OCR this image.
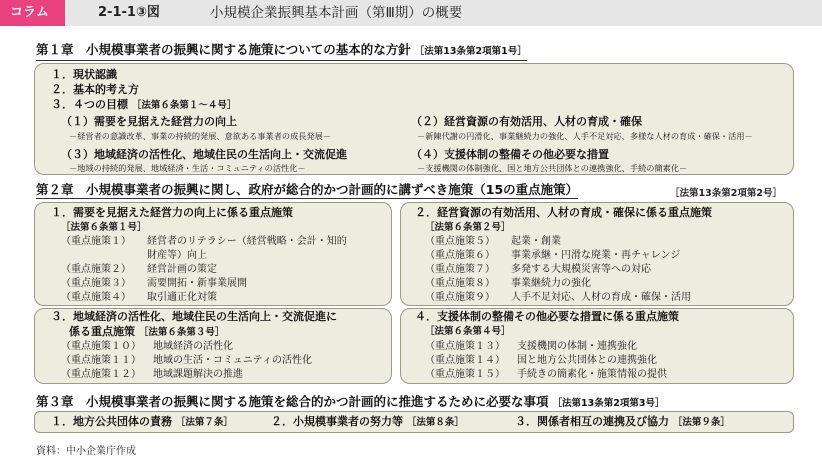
コラム	2-1-1③図	小規模企業振興基本計画（第Ⅲ期）の概要
第１章　小規模事業者の振興に関する施策についての基本的な方針 ［法第13条第2項第1号］
１．現状認識
２．基本的考え方
３．４つの目標 ［法第６条第１～４号］
（１）需要を見据えた経営力の向上
－経営者の意識改革、事業の持続的発展、意欲ある事業者の成長発展－
（２）経営資源の有効活用、人材の育成・確保
－新陳代謝の円滑化、事業継続力の強化、人手不足対応、多様な人材の育成・確保・活用－
（３）地域経済の活性化、地域住民の生活向上・交流促進
－地域の持続的発展、地域経済・生活・コミュニティの活性化－
（４）支援体制の整備その他必要な措置
－支援機関の体制強化、国と地方公共団体との連携強化、手続の簡素化－
第２章　小規模事業者の振興に関し、政府が総合的かつ計画的に講ずべき施策（15の重点施策）	［法第13条第2項第2号］
１．需要を見据えた経営力の向上に係る重点施策
［法第６条第１号］
（重点施策１） 経営者のリテラシー（経営戦略・会計・知的
財産等）向上
（重点施策２） 経営計画の策定
（重点施策３） 需要開拓・新事業展開
（重点施策４） 取引適正化対策
２．経営資源の有効活用、人材の育成・確保に係る重点施策
［法第６条第２号］
（重点施策５） 起業・創業
（重点施策６） 事業承継・円滑な廃業・再チャレンジ
（重点施策７） 多発する大規模災害等への対応
（重点施策８） 事業継続力の強化
（重点施策９） 人手不足対応、人材の育成・確保・活用
３．地域経済の活性化、地域住民の生活向上・交流促進に
係る重点施策 ［法第６条第３号］
（重点施策１０） 地域経済の活性化
（重点施策１１） 地域の生活・コミュニティの活性化
（重点施策１２） 地域課題解決の推進
４．支援体制の整備その他必要な措置に係る重点施策
［法第６条第４号］
（重点施策１３） 支援機関の体制・連携強化
（重点施策１４） 国と地方公共団体との連携強化
（重点施策１５） 手続きの簡素化・施策情報の提供
第３章　小規模事業者の振興に関する施策を総合的かつ計画的に推進するために必要な事項 ［法第13条第2項第3号］
１．地方公共団体の責務 ［法第７条］	２．小規模事業者の努力等 ［法第８条］	３．関係者相互の連携及び協力 ［法第９条］
資料：中小企業庁作成
